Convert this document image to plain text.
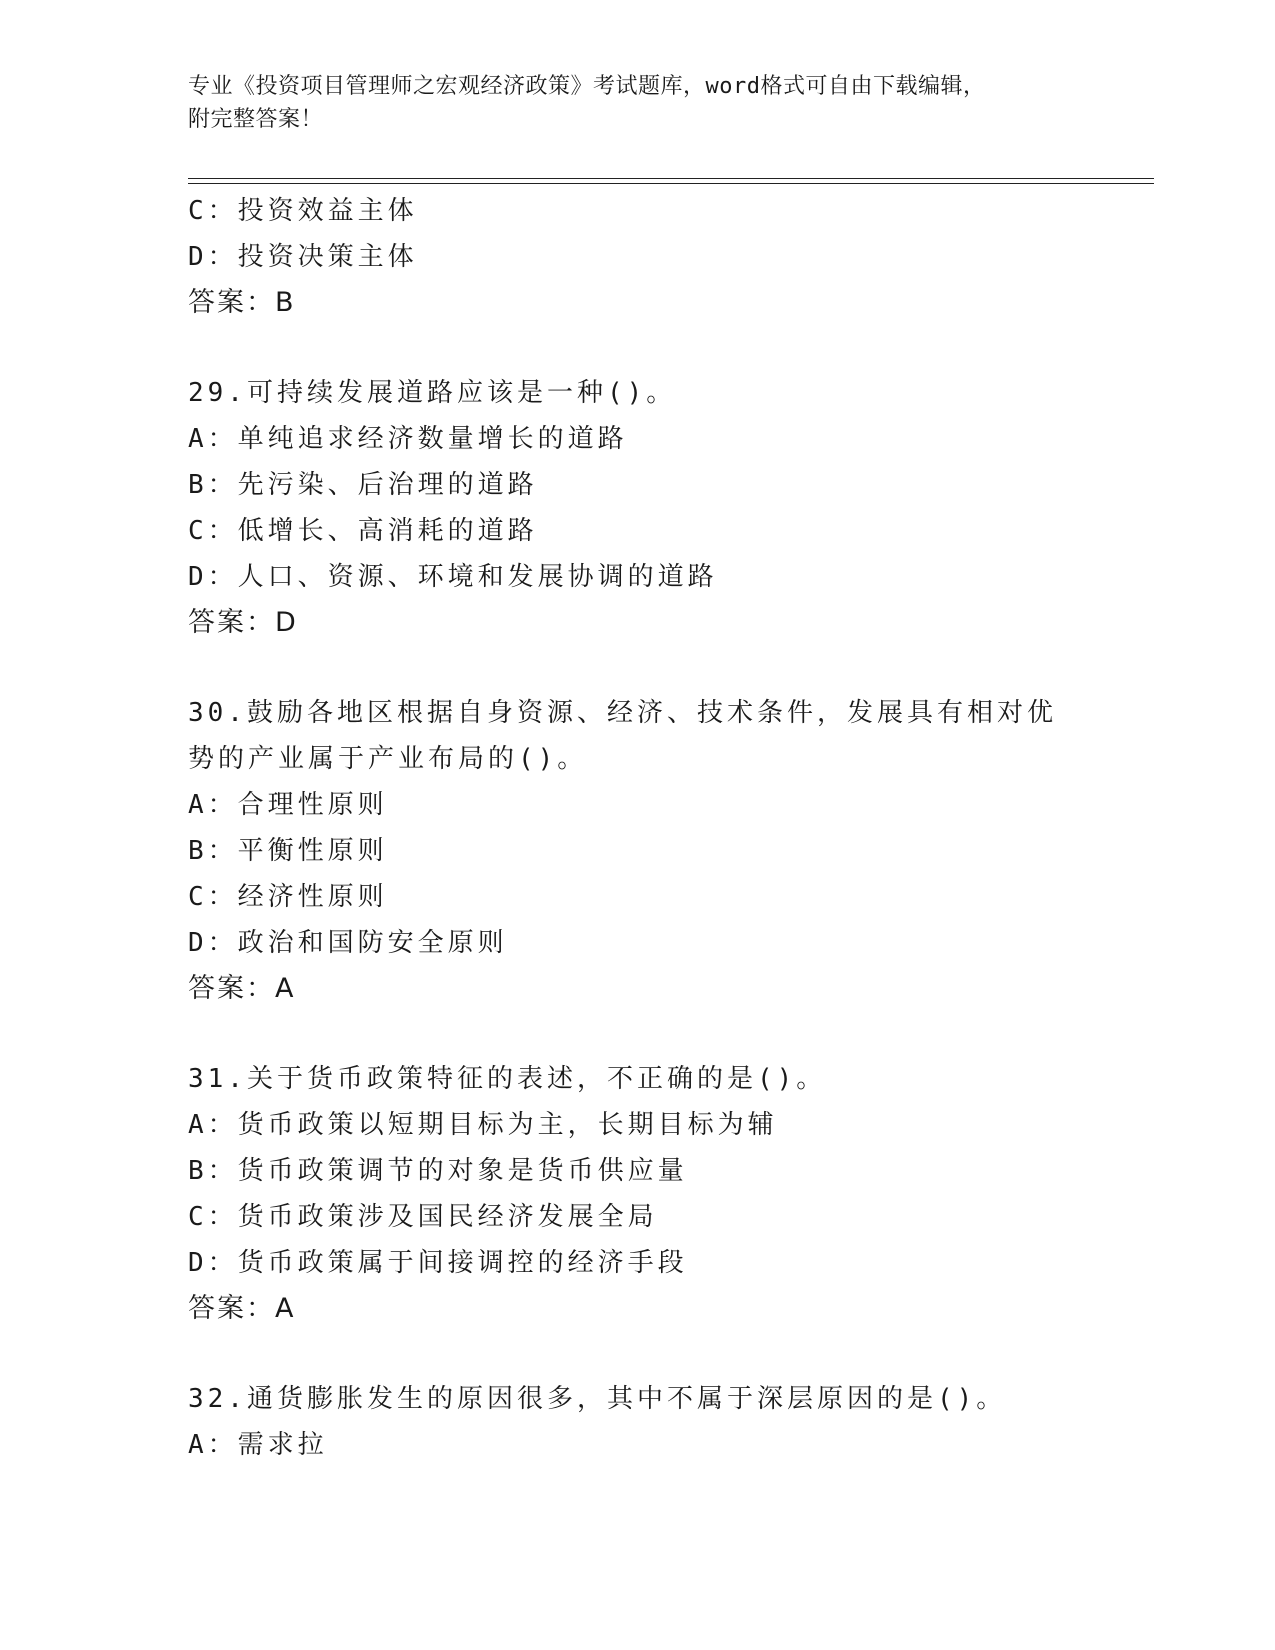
专业《投资项目管理师之宏观经济政策》考试题库，word格式可自由下载编辑，
附完整答案！
C：投资效益主体
D：投资决策主体
答案：B
29.可持续发展道路应该是一种()。
A：单纯追求经济数量增长的道路
B：先污染、后治理的道路
C：低增长、高消耗的道路
D：人口、资源、环境和发展协调的道路
答案：D
30.鼓励各地区根据自身资源、经济、技术条件，发展具有相对优势的产业属于产业布局的()。
A：合理性原则
B：平衡性原则
C：经济性原则
D：政治和国防安全原则
答案：A
31.关于货币政策特征的表述，不正确的是()。
A：货币政策以短期目标为主，长期目标为辅
B：货币政策调节的对象是货币供应量
C：货币政策涉及国民经济发展全局
D：货币政策属于间接调控的经济手段
答案：A
32.通货膨胀发生的原因很多，其中不属于深层原因的是()。
A：需求拉
